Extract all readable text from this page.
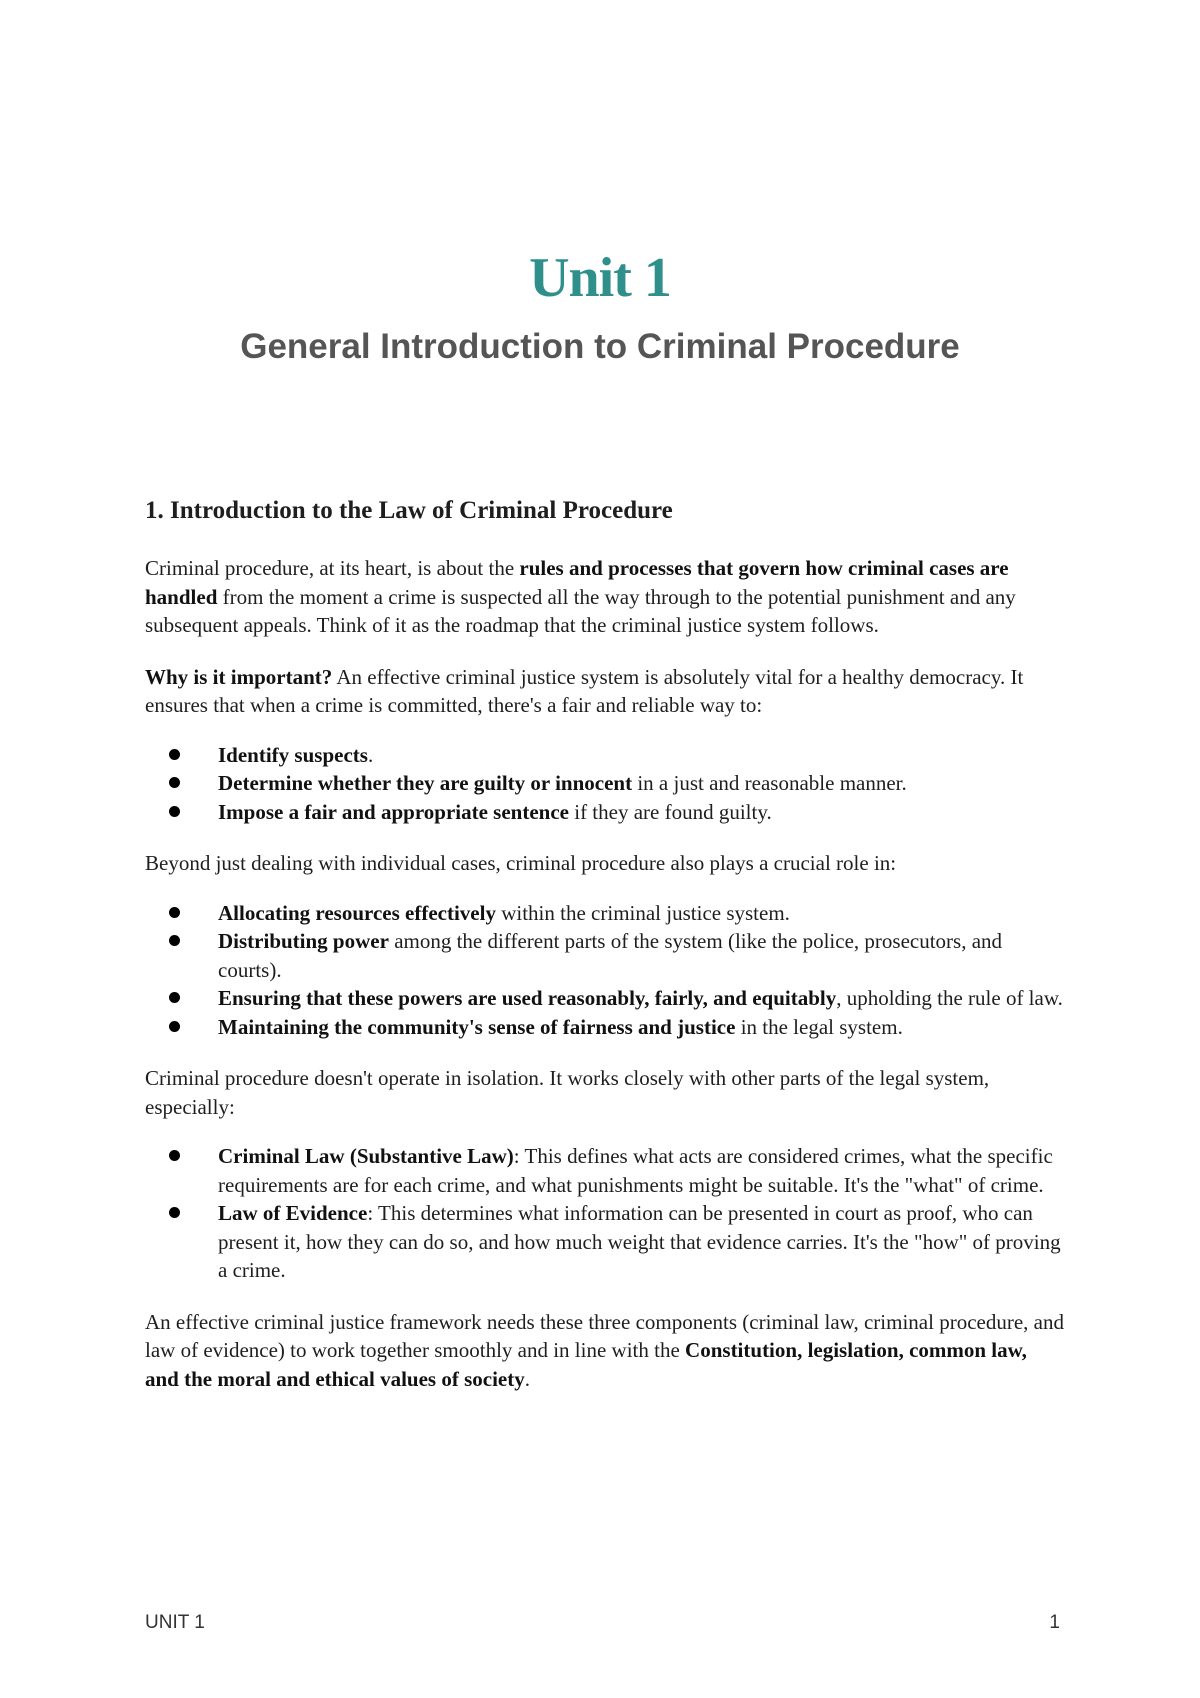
Unit 1
General Introduction to Criminal Procedure
1. Introduction to the Law of Criminal Procedure

Criminal procedure, at its heart, is about the rules and processes that govern how criminal cases are handled from the moment a crime is suspected all the way through to the potential punishment and any subsequent appeals. Think of it as the roadmap that the criminal justice system follows.

Why is it important? An effective criminal justice system is absolutely vital for a healthy democracy. It ensures that when a crime is committed, there's a fair and reliable way to:

Identify suspects.
Determine whether they are guilty or innocent in a just and reasonable manner.
Impose a fair and appropriate sentence if they are found guilty.

Beyond just dealing with individual cases, criminal procedure also plays a crucial role in:

Allocating resources effectively within the criminal justice system.
Distributing power among the different parts of the system (like the police, prosecutors, and courts).
Ensuring that these powers are used reasonably, fairly, and equitably, upholding the rule of law.
Maintaining the community's sense of fairness and justice in the legal system.

Criminal procedure doesn't operate in isolation. It works closely with other parts of the legal system, especially:

Criminal Law (Substantive Law): This defines what acts are considered crimes, what the specific requirements are for each crime, and what punishments might be suitable. It's the "what" of crime.
Law of Evidence: This determines what information can be presented in court as proof, who can present it, how they can do so, and how much weight that evidence carries. It's the "how" of proving a crime.

An effective criminal justice framework needs these three components (criminal law, criminal procedure, and law of evidence) to work together smoothly and in line with the Constitution, legislation, common law, and the moral and ethical values of society.

UNIT 1	1
